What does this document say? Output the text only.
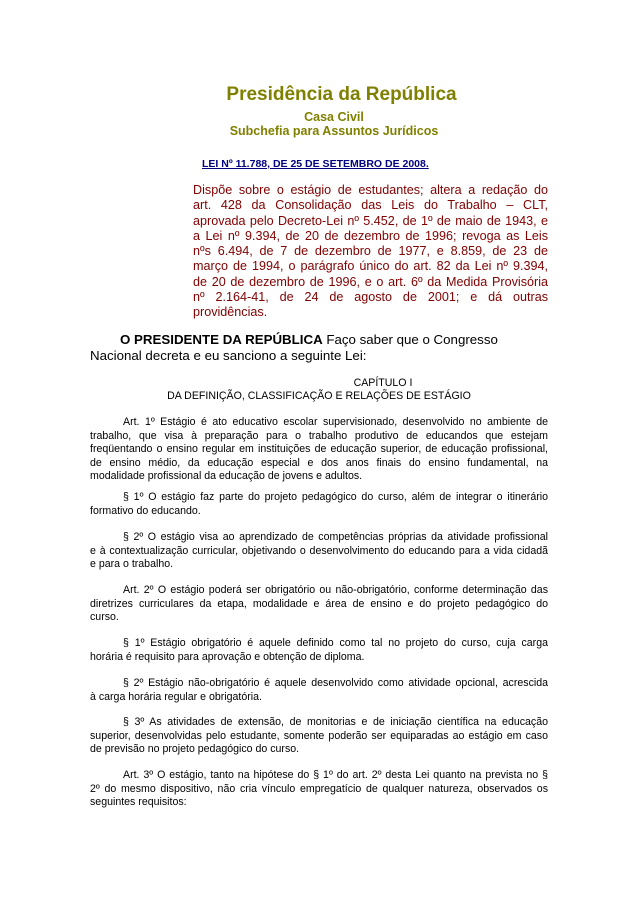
Presidência da República
Casa Civil
Subchefia para Assuntos Jurídicos
LEI Nº 11.788, DE 25 DE SETEMBRO DE 2008.
Dispõe sobre o estágio de estudantes; altera a redação do
art. 428 da Consolidação das Leis do Trabalho – CLT,
aprovada pelo Decreto-Lei nº 5.452, de 1º de maio de 1943, e
a Lei nº 9.394, de 20 de dezembro de 1996; revoga as Leis
nºs 6.494, de 7 de dezembro de 1977, e 8.859, de 23 de
março de 1994, o parágrafo único do art. 82 da Lei nº 9.394,
de 20 de dezembro de 1996, e o art. 6º da Medida Provisória
nº 2.164-41, de 24 de agosto de 2001; e dá outras
providências.
O PRESIDENTE DA REPÚBLICA Faço saber que o Congresso
Nacional decreta e eu sanciono a seguinte Lei:
CAPÍTULO I
DA DEFINIÇÃO, CLASSIFICAÇÃO E RELAÇÕES DE ESTÁGIO
Art. 1º Estágio é ato educativo escolar supervisionado, desenvolvido no ambiente de
trabalho, que visa à preparação para o trabalho produtivo de educandos que estejam
freqüentando o ensino regular em instituições de educação superior, de educação profissional,
de ensino médio, da educação especial e dos anos finais do ensino fundamental, na
modalidade profissional da educação de jovens e adultos.
§ 1º O estágio faz parte do projeto pedagógico do curso, além de integrar o itinerário
formativo do educando.
§ 2º O estágio visa ao aprendizado de competências próprias da atividade profissional
e à contextualização curricular, objetivando o desenvolvimento do educando para a vida cidadã
e para o trabalho.
Art. 2º O estágio poderá ser obrigatório ou não-obrigatório, conforme determinação das
diretrizes curriculares da etapa, modalidade e área de ensino e do projeto pedagógico do
curso.
§ 1º Estágio obrigatório é aquele definido como tal no projeto do curso, cuja carga
horária é requisito para aprovação e obtenção de diploma.
§ 2º Estágio não-obrigatório é aquele desenvolvido como atividade opcional, acrescida
à carga horária regular e obrigatória.
§ 3º As atividades de extensão, de monitorias e de iniciação científica na educação
superior, desenvolvidas pelo estudante, somente poderão ser equiparadas ao estágio em caso
de previsão no projeto pedagógico do curso.
Art. 3º O estágio, tanto na hipótese do § 1º do art. 2º desta Lei quanto na prevista no §
2º do mesmo dispositivo, não cria vínculo empregatício de qualquer natureza, observados os
seguintes requisitos:
